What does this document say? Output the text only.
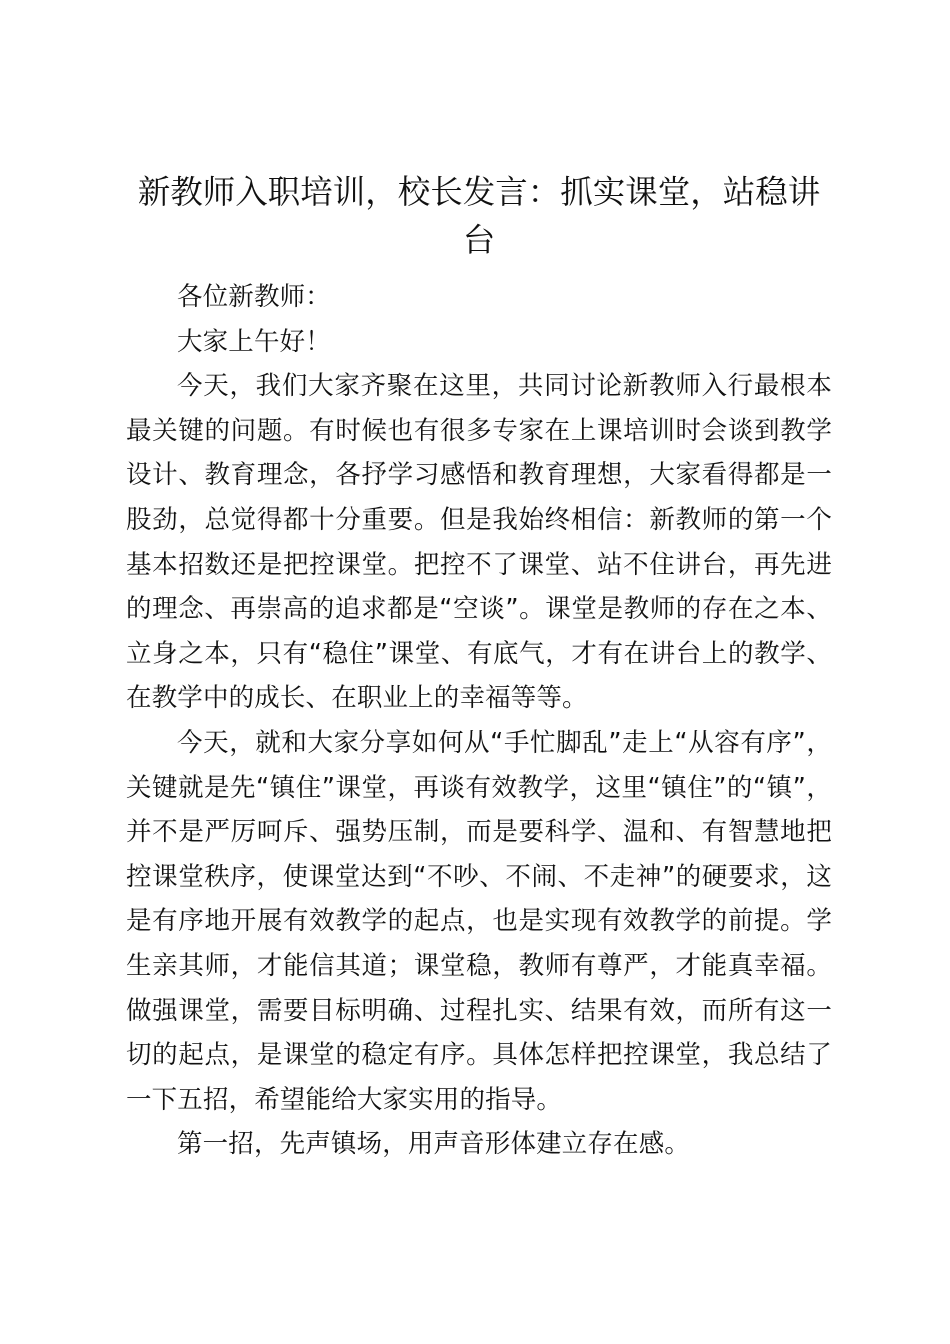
新教师入职培训，校长发言：抓实课堂，站稳讲台

各位新教师：

大家上午好！

今天，我们大家齐聚在这里，共同讨论新教师入行最根本最关键的问题。有时候也有很多专家在上课培训时会谈到教学设计、教育理念，各抒学习感悟和教育理想，大家看得都是一股劲，总觉得都十分重要。但是我始终相信：新教师的第一个基本招数还是把控课堂。把控不了课堂、站不住讲台，再先进的理念、再崇高的追求都是“空谈”。课堂是教师的存在之本、立身之本，只有“稳住”课堂、有底气，才有在讲台上的教学、在教学中的成长、在职业上的幸福等等。

今天，就和大家分享如何从“手忙脚乱”走上“从容有序”，关键就是先“镇住”课堂，再谈有效教学，这里“镇住”的“镇”，并不是严厉呵斥、强势压制，而是要科学、温和、有智慧地把控课堂秩序，使课堂达到“不吵、不闹、不走神”的硬要求，这是有序地开展有效教学的起点，也是实现有效教学的前提。学生亲其师，才能信其道；课堂稳，教师有尊严，才能真幸福。做强课堂，需要目标明确、过程扎实、结果有效，而所有这一切的起点，是课堂的稳定有序。具体怎样把控课堂，我总结了一下五招，希望能给大家实用的指导。

第一招，先声镇场，用声音形体建立存在感。
